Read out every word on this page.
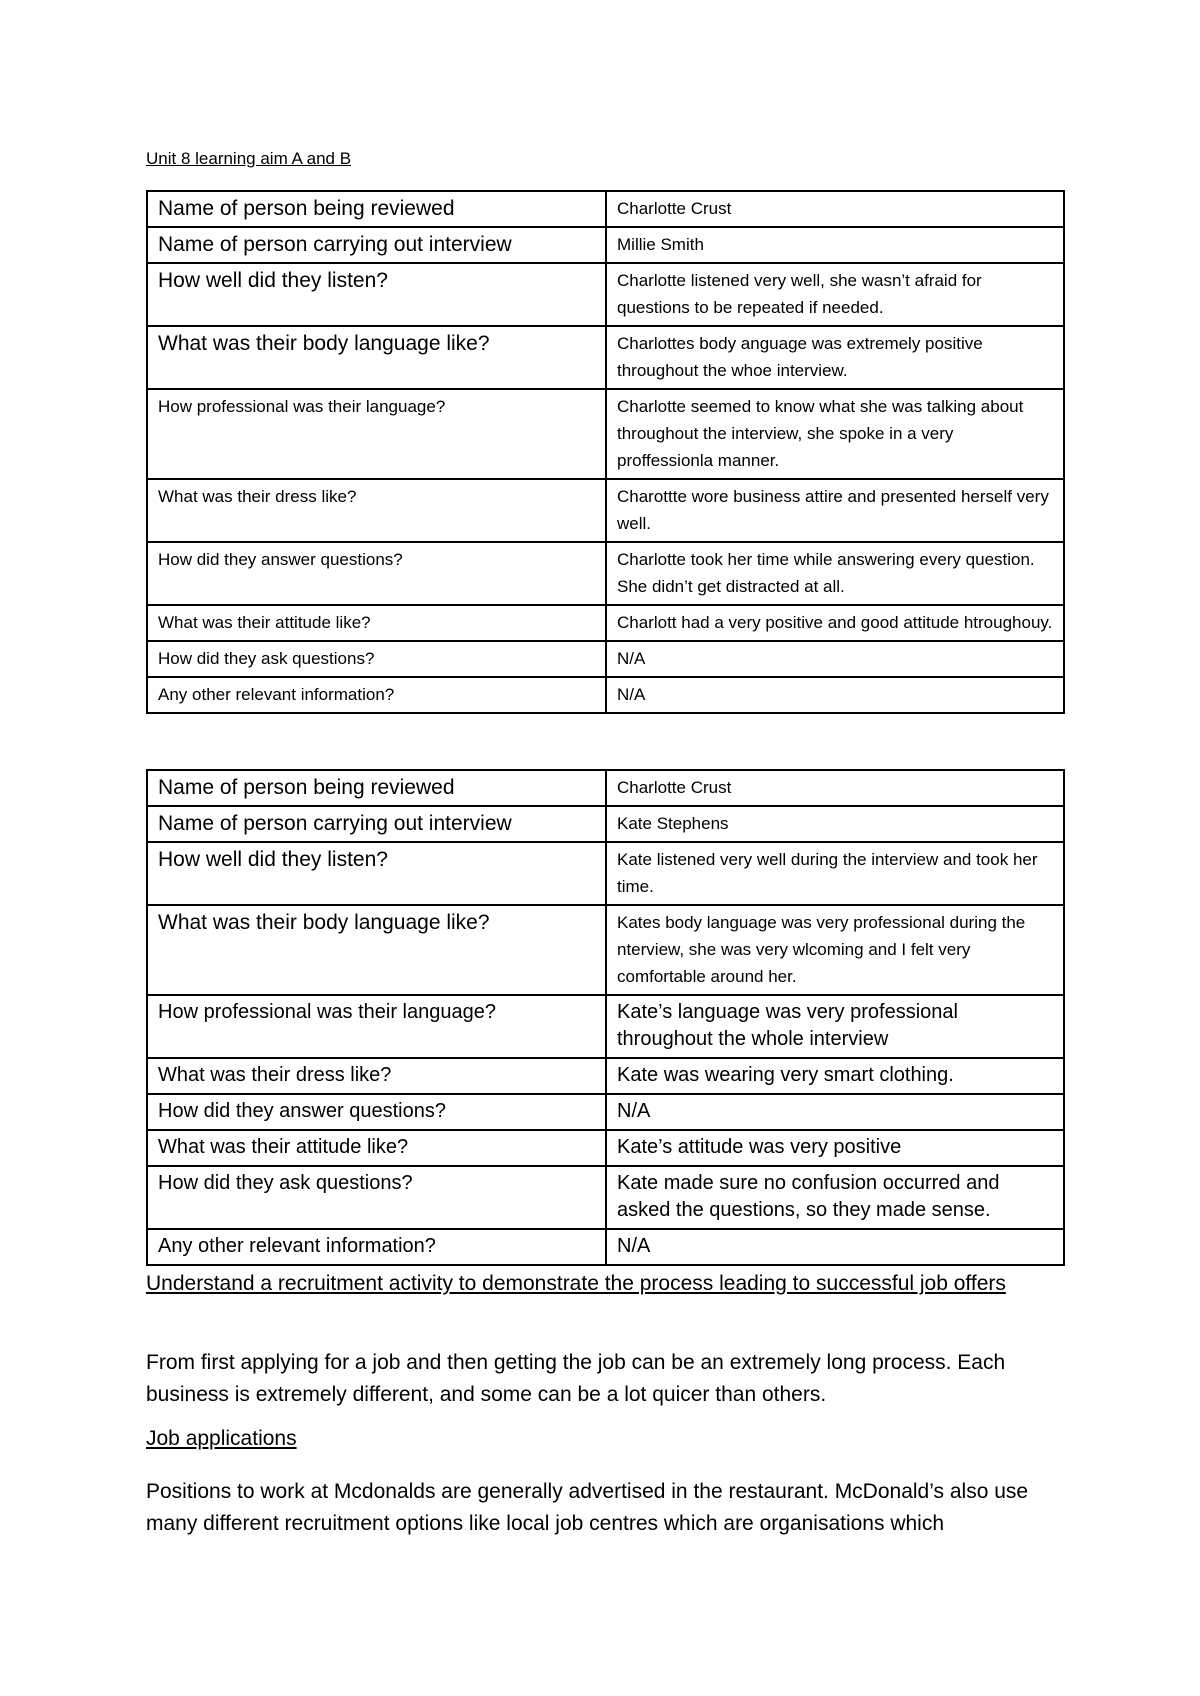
Unit 8 learning aim A and B
Name of person being reviewed	Charlotte Crust
Name of person carrying out interview	Millie Smith
How well did they listen?	Charlotte listened very well, she wasn’t afraid for questions to be repeated if needed.
What was their body language like?	Charlottes body anguage was extremely positive throughout the whoe interview.
How professional was their language?	Charlotte seemed to know what she was talking about throughout the interview, she spoke in a very proffessionla manner.
What was their dress like?	Charottte wore business attire and presented herself very well.
How did they answer questions?	Charlotte took her time while answering every question. She didn’t get distracted at all.
What was their attitude like?	Charlott had a very positive and good attitude htroughouy.
How did they ask questions?	N/A
Any other relevant information?	N/A
Name of person being reviewed	Charlotte Crust
Name of person carrying out interview	Kate Stephens
How well did they listen?	Kate listened very well during the interview and took her time.
What was their body language like?	Kates body language was very professional during the nterview, she was very wlcoming and I felt very comfortable around her.
How professional was their language?	Kate’s language was very professional throughout the whole interview
What was their dress like?	Kate was wearing very smart clothing.
How did they answer questions?	N/A
What was their attitude like?	Kate’s attitude was very positive
How did they ask questions?	Kate made sure no confusion occurred and asked the questions, so they made sense.
Any other relevant information?	N/A
Understand a recruitment activity to demonstrate the process leading to successful job offers
From first applying for a job and then getting the job can be an extremely long process. Each business is extremely different, and some can be a lot quicer than others.
Job applications
Positions to work at Mcdonalds are generally advertised in the restaurant. McDonald’s also use many different recruitment options like local job centres which are organisations which
